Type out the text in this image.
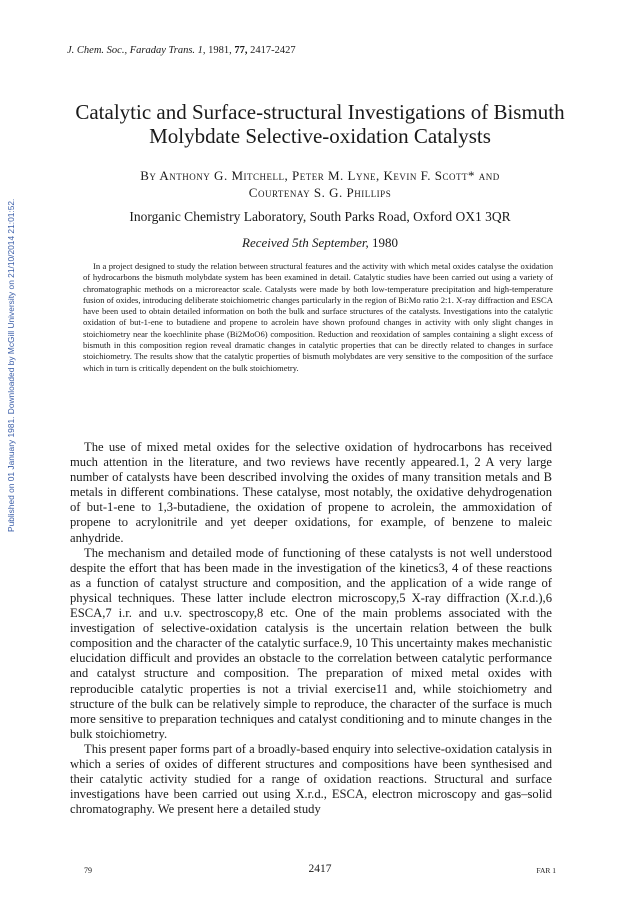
Published on 01 January 1981. Downloaded by McGill University on 21/10/2014 21:01:52.
J. Chem. Soc., Faraday Trans. 1, 1981, 77, 2417-2427
Catalytic and Surface-structural Investigations of Bismuth Molybdate Selective-oxidation Catalysts
By Anthony G. Mitchell, Peter M. Lyne, Kevin F. Scott* and
Courtenay S. G. Phillips
Inorganic Chemistry Laboratory, South Parks Road, Oxford OX1 3QR
Received 5th September, 1980

In a project designed to study the relation between structural features and the activity with which metal oxides catalyse the oxidation of hydrocarbons the bismuth molybdate system has been examined in detail. Catalytic studies have been carried out using a variety of chromatographic methods on a microreactor scale. Catalysts were made by both low-temperature precipitation and high-temperature fusion of oxides, introducing deliberate stoichiometric changes particularly in the region of Bi:Mo ratio 2:1. X-ray diffraction and ESCA have been used to obtain detailed information on both the bulk and surface structures of the catalysts. Investigations into the catalytic oxidation of but-1-ene to butadiene and propene to acrolein have shown profound changes in activity with only slight changes in stoichiometry near the koechlinite phase (Bi2MoO6) composition. Reduction and reoxidation of samples containing a slight excess of bismuth in this composition region reveal dramatic changes in catalytic properties that can be directly related to changes in surface stoichiometry. The results show that the catalytic properties of bismuth molybdates are very sensitive to the composition of the surface which in turn is critically dependent on the bulk stoichiometry.

The use of mixed metal oxides for the selective oxidation of hydrocarbons has received much attention in the literature, and two reviews have recently appeared.1, 2 A very large number of catalysts have been described involving the oxides of many transition metals and B metals in different combinations. These catalyse, most notably, the oxidative dehydrogenation of but-1-ene to 1,3-butadiene, the oxidation of propene to acrolein, the ammoxidation of propene to acrylonitrile and yet deeper oxidations, for example, of benzene to maleic anhydride.

The mechanism and detailed mode of functioning of these catalysts is not well understood despite the effort that has been made in the investigation of the kinetics3, 4 of these reactions as a function of catalyst structure and composition, and the application of a wide range of physical techniques. These latter include electron microscopy,5 X-ray diffraction (X.r.d.),6 ESCA,7 i.r. and u.v. spectroscopy,8 etc. One of the main problems associated with the investigation of selective-oxidation catalysis is the uncertain relation between the bulk composition and the character of the catalytic surface.9, 10 This uncertainty makes mechanistic elucidation difficult and provides an obstacle to the correlation between catalytic performance and catalyst structure and composition. The preparation of mixed metal oxides with reproducible catalytic properties is not a trivial exercise11 and, while stoichiometry and structure of the bulk can be relatively simple to reproduce, the character of the surface is much more sensitive to preparation techniques and catalyst conditioning and to minute changes in the bulk stoichiometry.

This present paper forms part of a broadly-based enquiry into selective-oxidation catalysis in which a series of oxides of different structures and compositions have been synthesised and their catalytic activity studied for a range of oxidation reactions. Structural and surface investigations have been carried out using X.r.d., ESCA, electron microscopy and gas–solid chromatography. We present here a detailed study

79	2417	FAR 1
